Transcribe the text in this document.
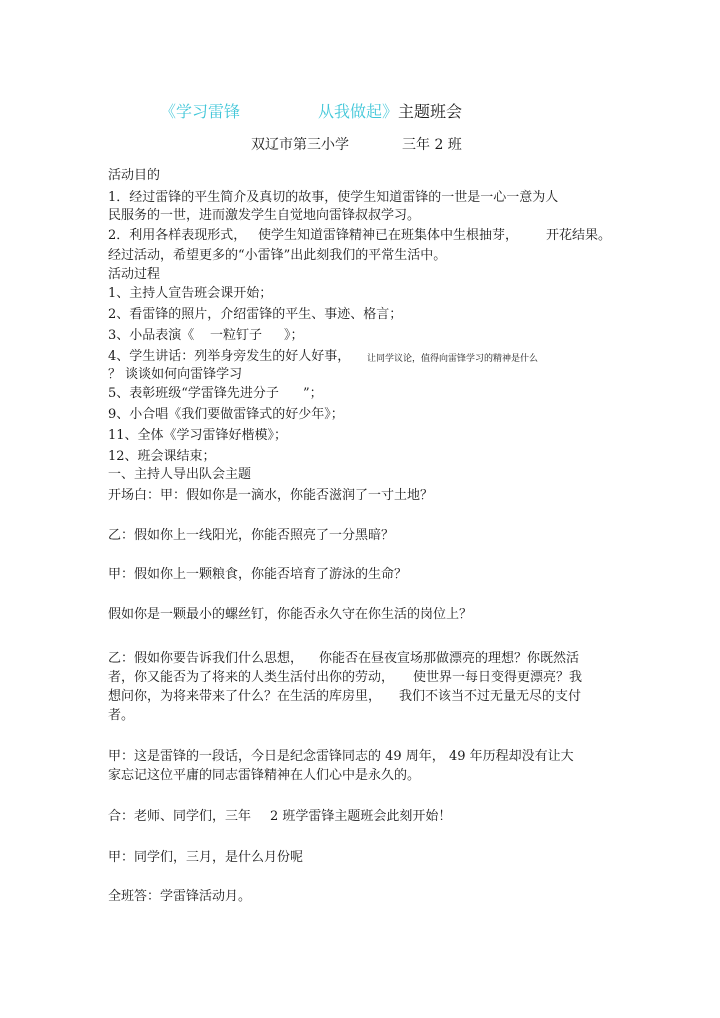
《学习雷锋	从我做起》主题班会
双辽市第三小学	三年 2 班
活动目的
1．经过雷锋的平生简介及真切的故事，使学生知道雷锋的一世是一心一意为人
民服务的一世，进而激发学生自觉地向雷锋叔叔学习。
2．利用各样表现形式， 使学生知道雷锋精神已在班集体中生根抽芽， 开花结果。
经过活动，希望更多的“小雷锋”出此刻我们的平常生活中。
活动过程
1、主持人宣告班会课开始；
2、看雷锋的照片，介绍雷锋的平生、事迹、格言；
3、小品表演《 一粒钉子 》；
4、学生讲话：列举身旁发生的好人好事， 让同学议论，值得向雷锋学习的精神是什么
？ 谈谈如何向雷锋学习
5、表彰班级“学雷锋先进分子 ”；
9、小合唱《我们要做雷锋式的好少年》；
11、全体《学习雷锋好楷模》；
12、班会课结束；
一、主持人导出队会主题
开场白：甲：假如你是一滴水，你能否滋润了一寸土地？
乙：假如你上一线阳光，你能否照亮了一分黑暗？
甲：假如你上一颗粮食，你能否培育了游泳的生命？
假如你是一颗最小的螺丝钉，你能否永久守在你生活的岗位上？
乙：假如你要告诉我们什么思想， 你能否在昼夜宣场那做漂亮的理想？你既然活
者，你又能否为了将来的人类生活付出你的劳动， 使世界一每日变得更漂亮？我
想问你，为将来带来了什么？在生活的库房里， 我们不该当不过无量无尽的支付
者。
甲：这是雷锋的一段话，今日是纪念雷锋同志的 49 周年， 49 年历程却没有让大
家忘记这位平庸的同志雷锋精神在人们心中是永久的。
合：老师、同学们，三年 2 班学雷锋主题班会此刻开始！
甲：同学们，三月，是什么月份呢
全班答：学雷锋活动月。
